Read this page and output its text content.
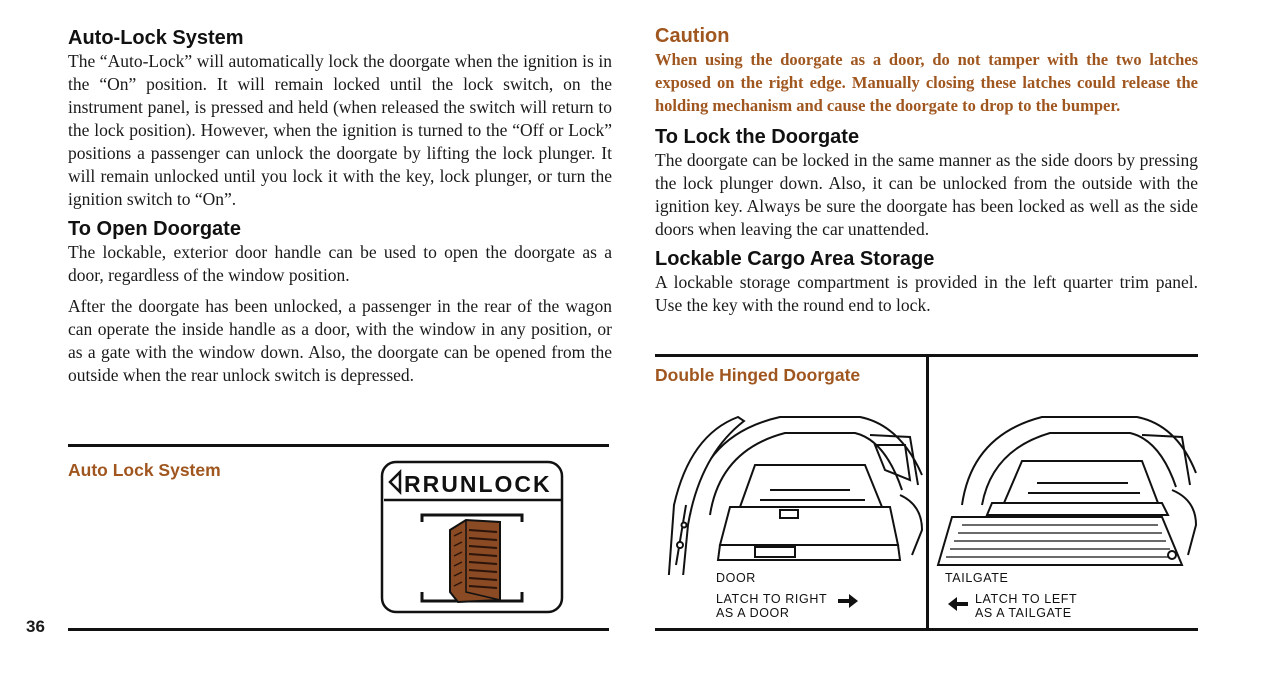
Auto-Lock System

The “Auto-Lock” will automatically lock the doorgate when the ignition is in the “On” position. It will remain locked until the lock switch, on the instrument panel, is pressed and held (when released the switch will return to the lock position). However, when the ignition is turned to the “Off or Lock” positions a passenger can unlock the doorgate by lifting the lock plunger. It will remain unlocked until you lock it with the key, lock plunger, or turn the ignition switch to “On”.

To Open Doorgate

The lockable, exterior door handle can be used to open the doorgate as a door, regardless of the window position.

After the doorgate has been unlocked, a passenger in the rear of the wagon can operate the inside handle as a door, with the window in any position, or as a gate with the window down. Also, the doorgate can be opened from the outside when the rear unlock switch is depressed.

Auto Lock System
RRUNLOCK
36
Caution

When using the doorgate as a door, do not tamper with the two latches exposed on the right edge. Manually closing these latches could release the holding mechanism and cause the doorgate to drop to the bumper.

To Lock the Doorgate

The doorgate can be locked in the same manner as the side doors by pressing the lock plunger down. Also, it can be unlocked from the outside with the ignition key. Always be sure the doorgate has been locked as well as the side doors when leaving the car unattended.

Lockable Cargo Area Storage

A lockable storage compartment is provided in the left quarter trim panel. Use the key with the round end to lock.

Double Hinged Doorgate
DOOR
LATCH TO RIGHT
AS A DOOR
TAILGATE
LATCH TO LEFT
AS A TAILGATE
